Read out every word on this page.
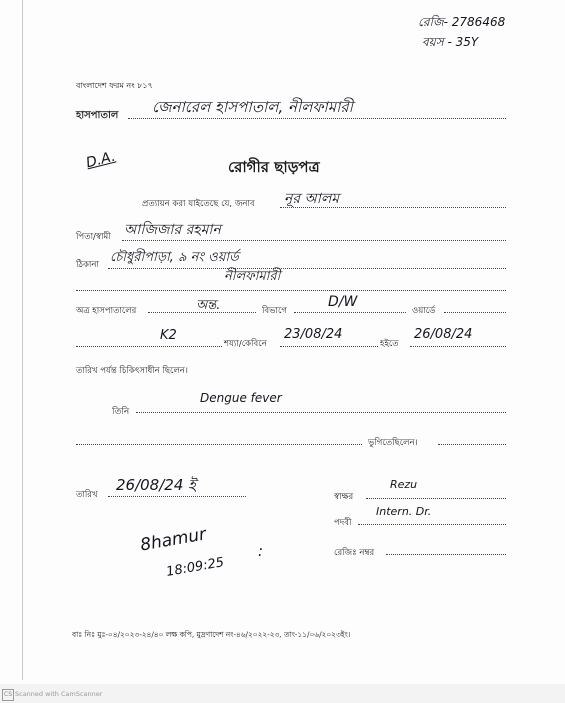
রেজি- 2786468
বয়স - 35Y
বাংলাদেশ ফরম নং ৮১৭
হাসপাতাল জেনারেল হাসপাতাল, নীলফামারী
D.A.	রোগীর ছাড়পত্র
প্রত্যায়ন করা যাইতেছে যে, জনাব নূর আলম
পিতা/স্বামী আজিজার রহমান
ঠিকানা চৌধুরীপাড়া, ৯ নং ওয়ার্ড
নীলফামারী
অত্র হাসপাতালের	অন্ত.	বিভাগে
D/W
ওয়ার্ডে
K2
শয্যা/কেবিনে
23/08/24
হইতে
26/08/24
তারিখ পর্যন্ত চিকিৎসাধীন ছিলেন।
তিনি
Dengue fever
ভুগিতেছিলেন।
তারিখ
26/08/24 ই
স্বাক্ষর
Rezu
পদবী
Intern. Dr.
রেজিঃ নম্বর
8hamur
18:09:25
:
বাঃ নিঃ মুঃ-০৪/২০২৩-২৪/৪০ লক্ষ কপি, মুদ্রণাদেশ নং-৪৬/২০২২-২৩, তাং-১১/০৬/২০২৩ইং।
CS Scanned with CamScanner
